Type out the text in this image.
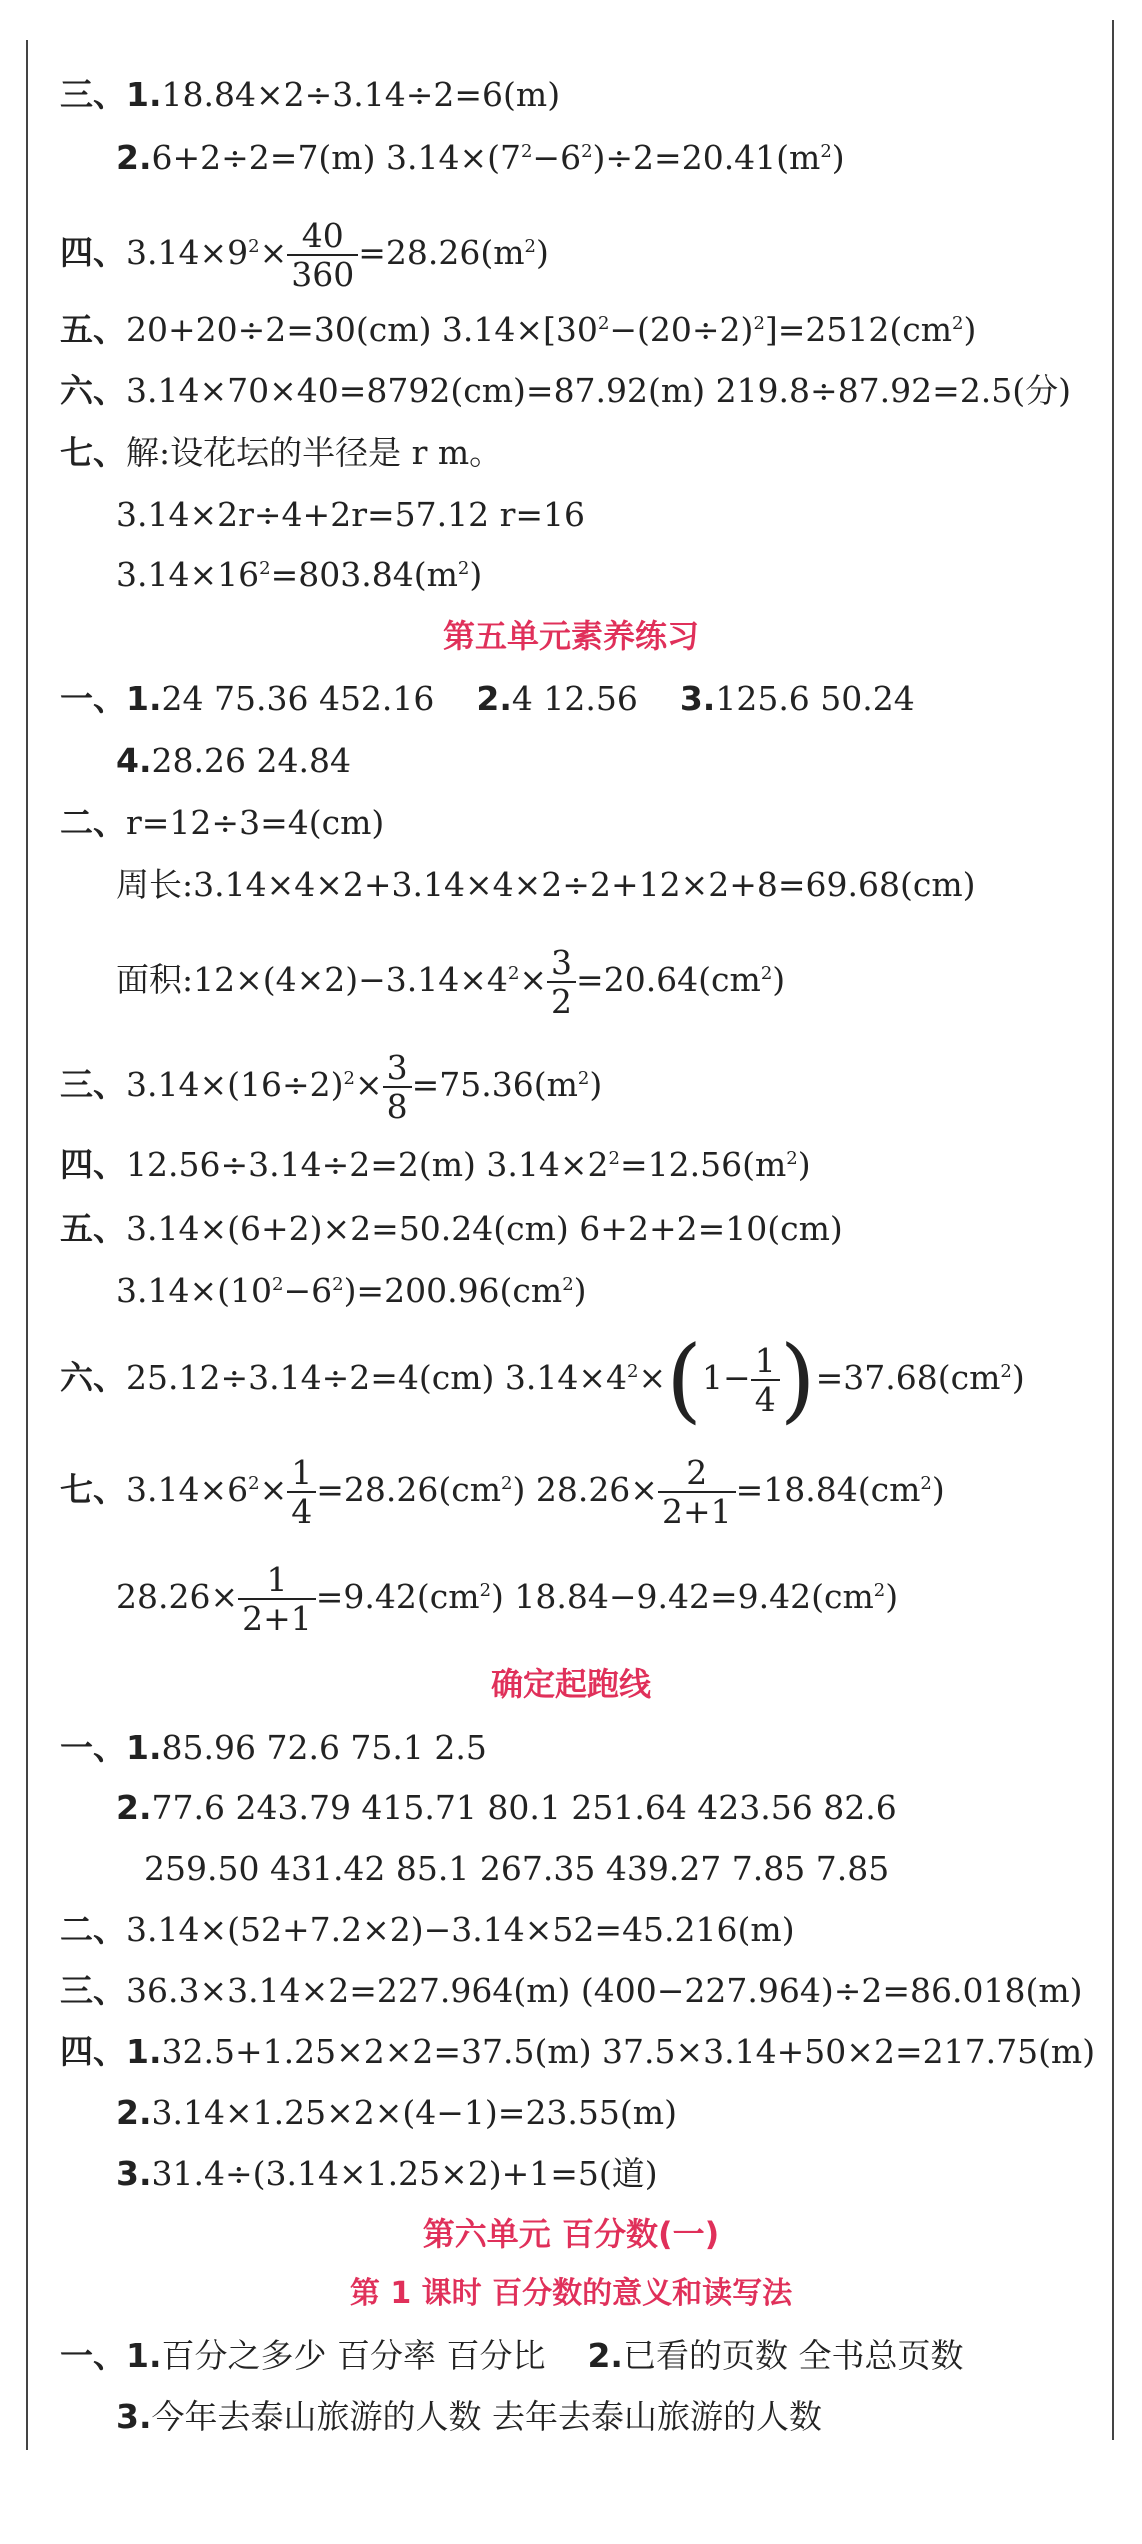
三、1.18.84×2÷3.14÷2=6(m)
2.6+2÷2=7(m) $3.14\times(7^2-6^2)\div 2=20.41(m^2)$
四、$3.14\times 9^2\times \frac{40}{360} =28.26(m^2)$
五、20+20÷2=30(cm) $3.14\times[30^2-(20\div 2)^2]=2512(cm^2)$
六、3.14×70×40=8792(cm)=87.92(m) 219.8÷87.92=2.5(分)
七、解:设花坛的半径是 r m。
3.14×2r÷4+2r=57.12 r=16
$3.14\times 16^2=803.84(m^2)$
第五单元素养练习
一、1.24 75.36 452.16 2.4 12.56 3.125.6 50.24
4.28.26 24.84
二、r=12÷3=4(cm)
周长:3.14×4×2+3.14×4×2÷2+12×2+8=69.68(cm)
面积$:12\times(4\times 2)-3.14\times 4^2\times \frac{3}{2} =20.64(cm^2)$
三、$3.14\times(16\div 2)^2\times \frac{3}{8} =75.36(m^2)$
四、12.56÷3.14÷2=2(m) $3.14\times 2^2=12.56(m^2)$
五、3.14×(6+2)×2=50.24(cm) 6+2+2=10(cm)
$3.14\times(10^2-6^2)=200.96(cm^2)$
六、25.12÷3.14÷2=4(cm) $3.14\times 4^2\times(1- \frac{1}{4} )=37.68(cm^2)$
七、$3.14\times 6^2\times \frac{1}{4} =28.26(cm^2)$ $28.26\times \frac{2}{2+1} =18.84(cm^2)$
$28.26\times \frac{1}{2+1} =9.42(cm^2)$ $18.84-9.42=9.42(cm^2)$
确定起跑线
一、1.85.96 72.6 75.1 2.5
2.77.6 243.79 415.71 80.1 251.64 423.56 82.6
259.50 431.42 85.1 267.35 439.27 7.85 7.85
二、3.14×(52+7.2×2)−3.14×52=45.216(m)
三、36.3×3.14×2=227.964(m) (400−227.964)÷2=86.018(m)
四、1.32.5+1.25×2×2=37.5(m) 37.5×3.14+50×2=217.75(m)
2.3.14×1.25×2×(4−1)=23.55(m)
3.31.4÷(3.14×1.25×2)+1=5(道)
第六单元 百分数(一)
第 1 课时 百分数的意义和读写法
一、1.百分之多少 百分率 百分比 2.已看的页数 全书总页数
3.今年去泰山旅游的人数 去年去泰山旅游的人数
